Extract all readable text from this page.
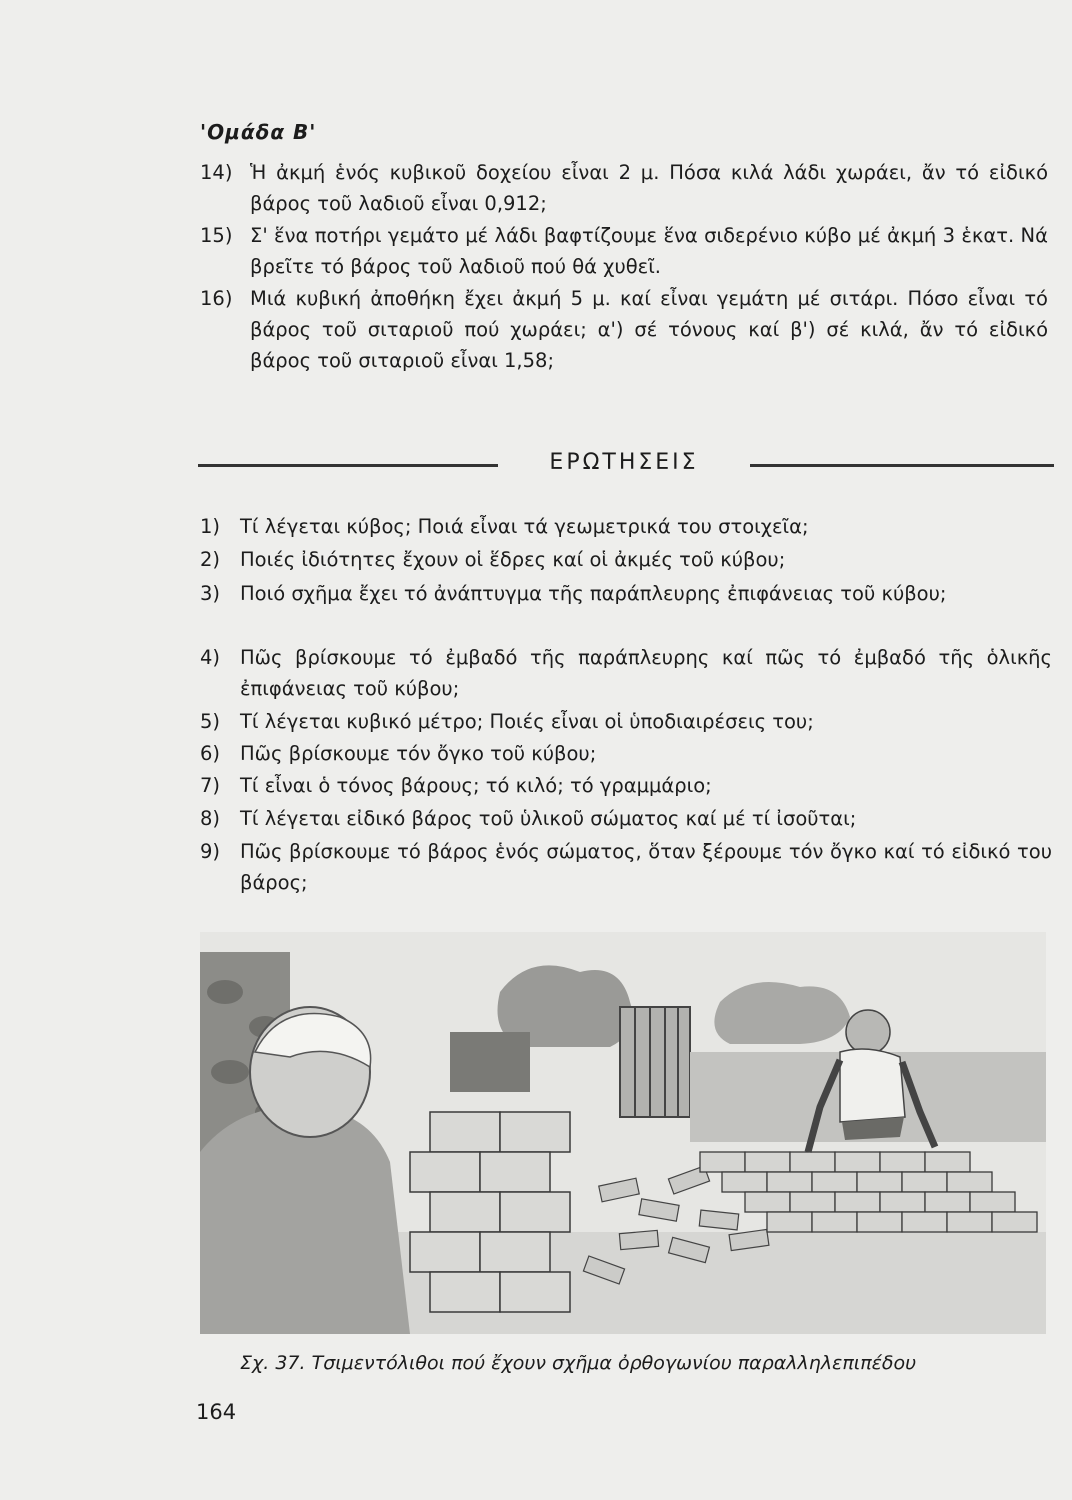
'Ομάδα Β'
14) Ἡ ἀκμή ἑνός κυβικοῦ δοχείου εἶναι 2 μ. Πόσα κιλά λάδι χωράει, ἄν τό εἰδικό βάρος τοῦ λαδιοῦ εἶναι 0,912;
15) Σ' ἕνα ποτήρι γεμάτο μέ λάδι βαφτίζουμε ἕνα σιδερένιο κύβο μέ ἀκμή 3 ἑκατ. Νά βρεῖτε τό βάρος τοῦ λαδιοῦ πού θά χυθεῖ.
16) Μιά κυβική ἀποθήκη ἔχει ἀκμή 5 μ. καί εἶναι γεμάτη μέ σιτάρι. Πόσο εἶναι τό βάρος τοῦ σιταριοῦ πού χωράει; α') σέ τόνους καί β') σέ κιλά, ἄν τό εἰδικό βάρος τοῦ σιταριοῦ εἶναι 1,58;
ΕΡΩΤΗΣΕΙΣ
1)	Τί λέγεται κύβος; Ποιά εἶναι τά γεωμετρικά του στοιχεῖα;
2)	Ποιές ἰδιότητες ἔχουν οἱ ἕδρες καί οἱ ἀκμές τοῦ κύβου;
3)	Ποιό σχῆμα ἔχει τό ἀνάπτυγμα τῆς παράπλευρης ἐπιφάνειας τοῦ κύβου;
4)	Πῶς βρίσκουμε τό ἐμβαδό τῆς παράπλευρης καί πῶς τό ἐμβαδό τῆς ὁλικῆς ἐπιφάνειας τοῦ κύβου;
5)	Τί λέγεται κυβικό μέτρο; Ποιές εἶναι οἱ ὑποδιαιρέσεις του;
6)	Πῶς βρίσκουμε τόν ὄγκο τοῦ κύβου;
7)	Τί εἶναι ὁ τόνος βάρους; τό κιλό; τό γραμμάριο;
8)	Τί λέγεται εἰδικό βάρος τοῦ ὑλικοῦ σώματος καί μέ τί ἰσοῦται;
9)	Πῶς βρίσκουμε τό βάρος ἑνός σώματος, ὅταν ξέρουμε τόν ὄγκο καί τό εἰδικό του βάρος;
Σχ. 37. Τσιμεντόλιθοι πού ἔχουν σχῆμα ὀρθογωνίου παραλληλεπιπέδου
164
